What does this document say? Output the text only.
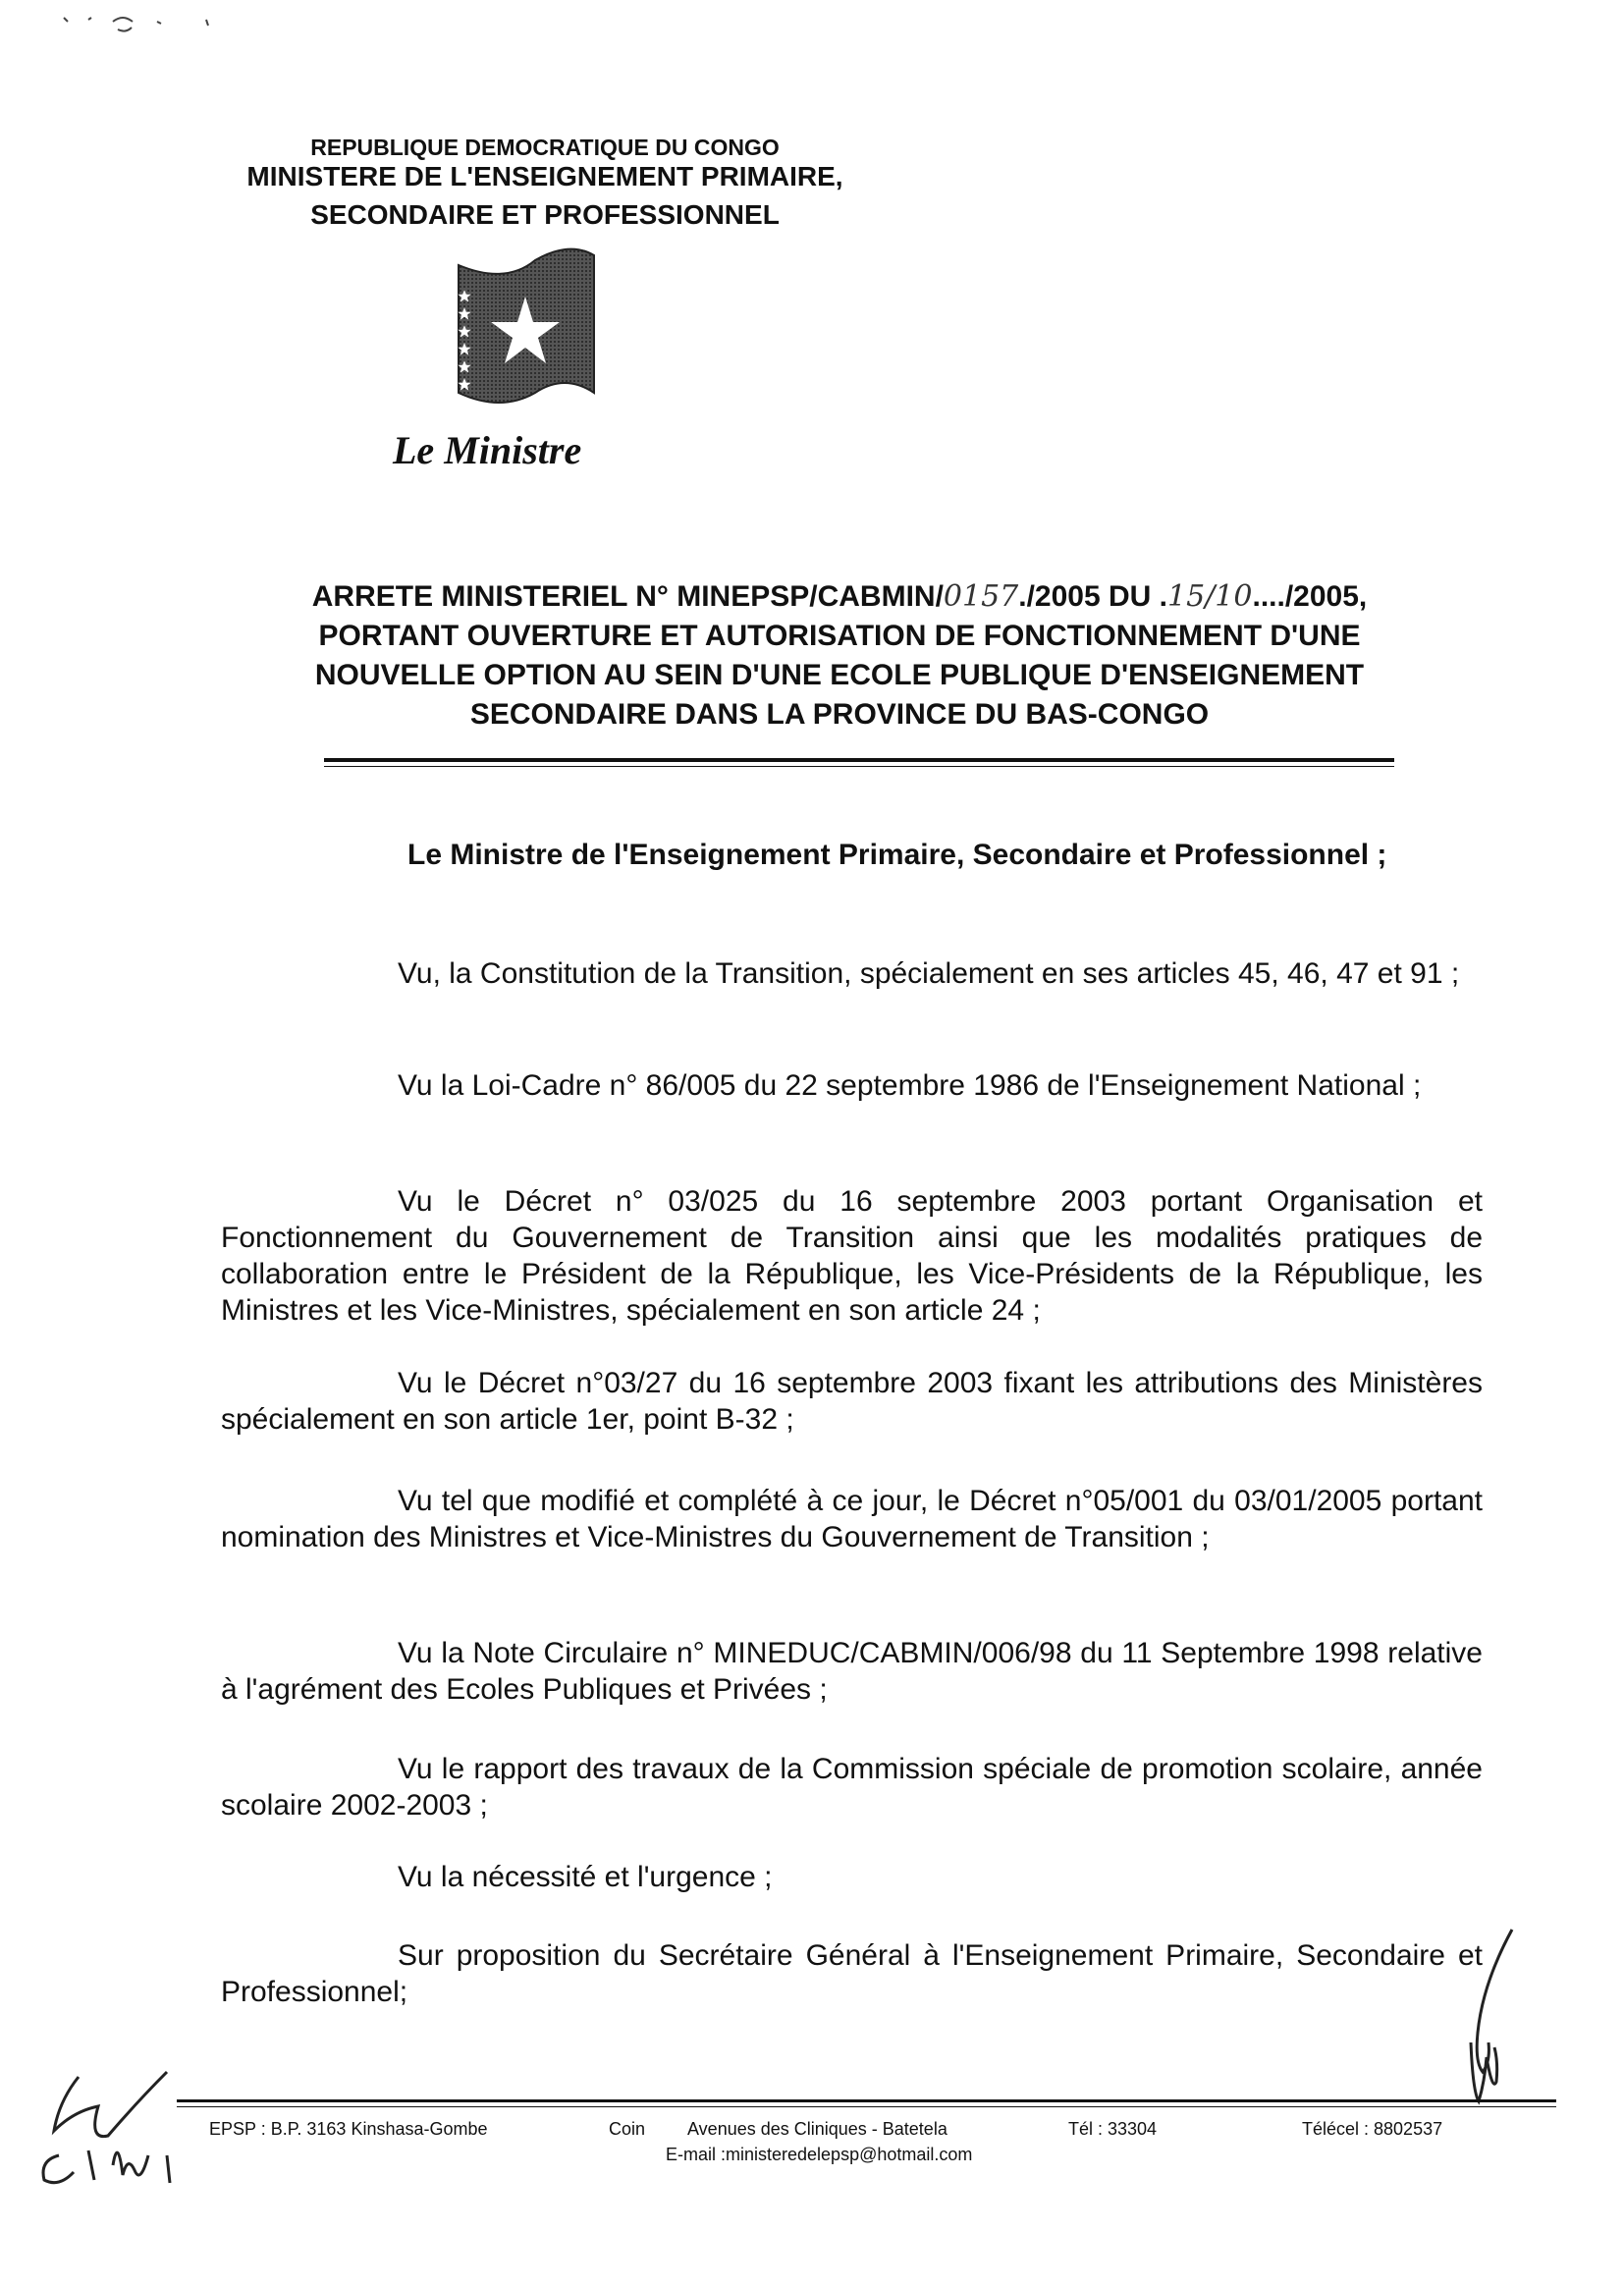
REPUBLIQUE DEMOCRATIQUE DU CONGO
MINISTERE DE L'ENSEIGNEMENT PRIMAIRE,
SECONDAIRE ET PROFESSIONNEL
Le Ministre
ARRETE MINISTERIEL N° MINEPSP/CABMIN/0157./2005 DU .15/10..../2005,
PORTANT OUVERTURE ET AUTORISATION DE FONCTIONNEMENT D'UNE
NOUVELLE OPTION AU SEIN D'UNE ECOLE PUBLIQUE D'ENSEIGNEMENT
SECONDAIRE DANS LA PROVINCE DU BAS-CONGO
Le Ministre de l'Enseignement Primaire, Secondaire et Professionnel ;
Vu, la Constitution de la Transition, spécialement en ses articles 45, 46, 47 et 91 ;
Vu la Loi-Cadre n° 86/005 du 22 septembre 1986 de l'Enseignement National ;
Vu le Décret n° 03/025 du 16 septembre 2003 portant Organisation et Fonctionnement du Gouvernement de Transition ainsi que les modalités pratiques de collaboration entre le Président de la République, les Vice-Présidents de la République, les Ministres et les Vice-Ministres, spécialement en son article 24 ;
Vu le Décret n°03/27 du 16 septembre 2003 fixant les attributions des Ministères spécialement en son article 1er, point B-32 ;
Vu tel que modifié et complété à ce jour, le Décret n°05/001 du 03/01/2005 portant nomination des Ministres et Vice-Ministres du Gouvernement de Transition ;
Vu la Note Circulaire n° MINEDUC/CABMIN/006/98 du 11 Septembre 1998 relative à l'agrément des Ecoles Publiques et Privées ;
Vu le rapport des travaux de la Commission spéciale de promotion scolaire, année scolaire 2002-2003 ;
Vu la nécessité et l'urgence ;
Sur proposition du Secrétaire Général à l'Enseignement Primaire, Secondaire et Professionnel;
EPSP : B.P. 3163 Kinshasa-Gombe	Coin Avenues des Cliniques - Batetela
E-mail :ministeredelepsp@hotmail.com
Tél : 33304	Télécel : 8802537
